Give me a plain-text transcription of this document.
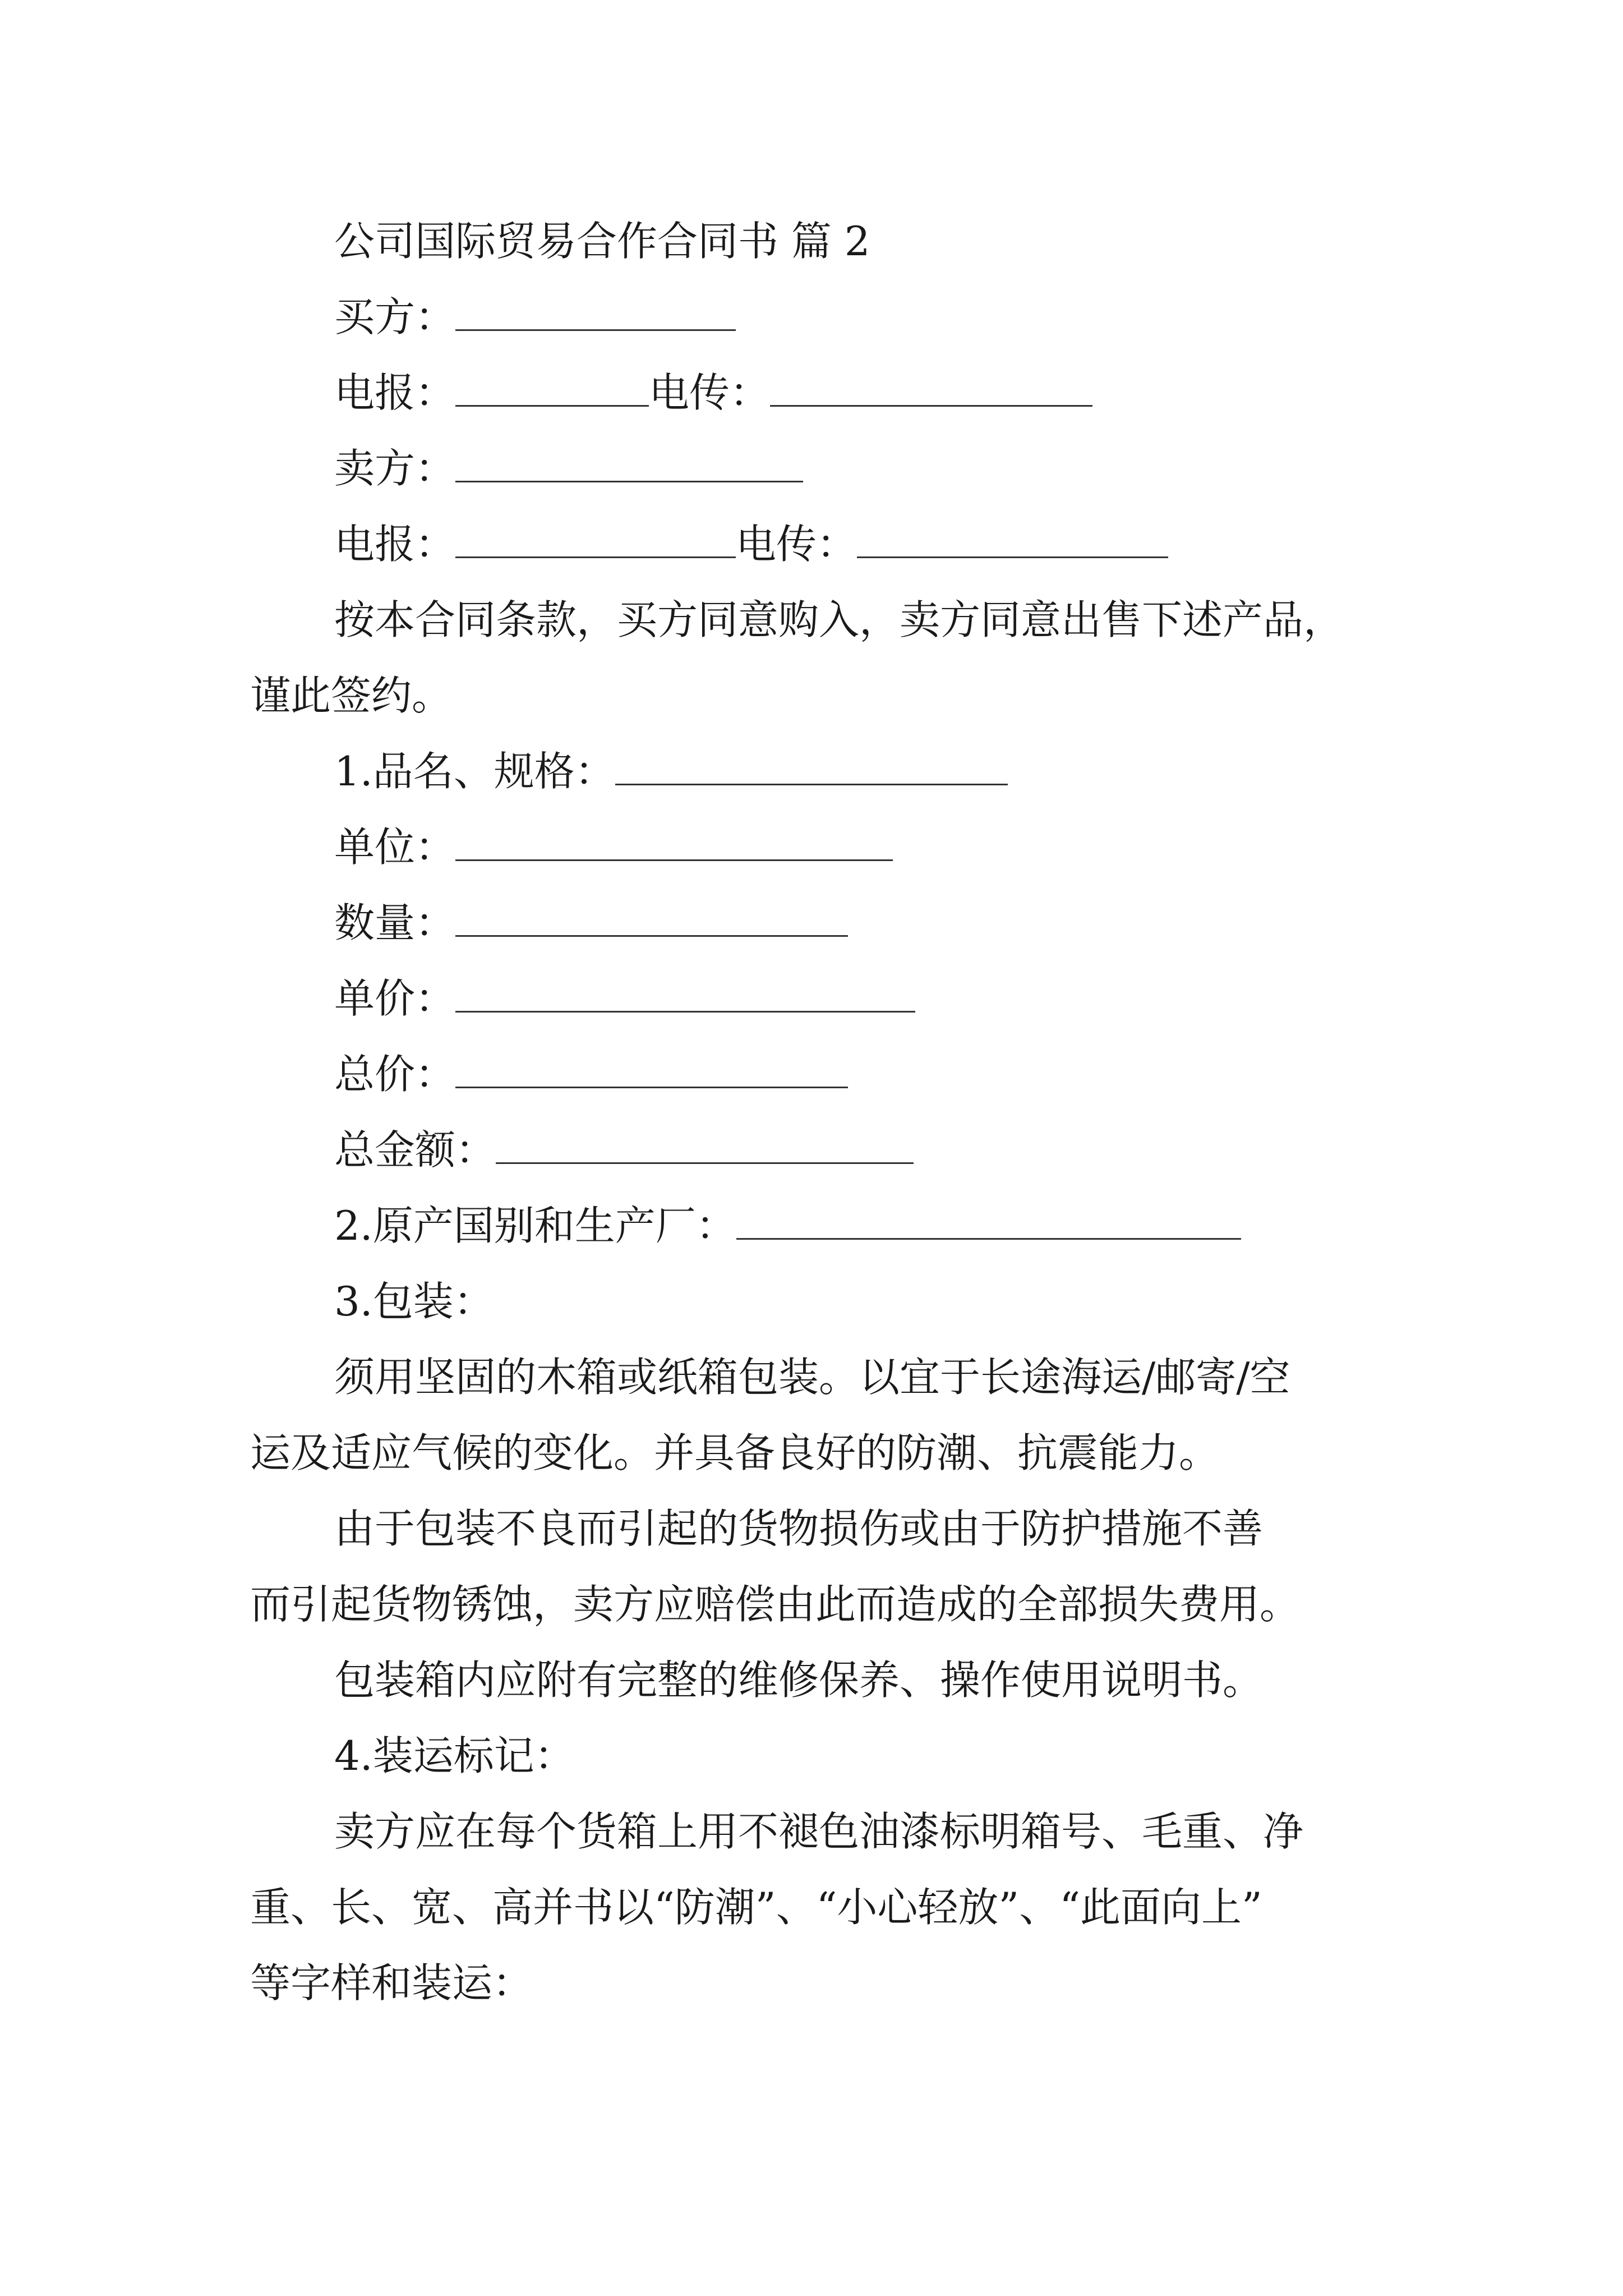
公司国际贸易合作合同书 篇 2
买方：
电报：	电传：
卖方：
电报：	电传：
按本合同条款，买方同意购入，卖方同意出售下述产品，
谨此签约。
1.品名、规格：
单位：
数量：
单价：
总价：
总金额：
2.原产国别和生产厂：
3.包装：
须用坚固的木箱或纸箱包装。以宜于长途海运/邮寄/空
运及适应气候的变化。并具备良好的防潮、抗震能力。
由于包装不良而引起的货物损伤或由于防护措施不善
而引起货物锈蚀，卖方应赔偿由此而造成的全部损失费用。
包装箱内应附有完整的维修保养、操作使用说明书。
4.装运标记：
卖方应在每个货箱上用不褪色油漆标明箱号、毛重、净
重、长、宽、高并书以“防潮”、“小心轻放”、“此面向上”
等字样和装运：
